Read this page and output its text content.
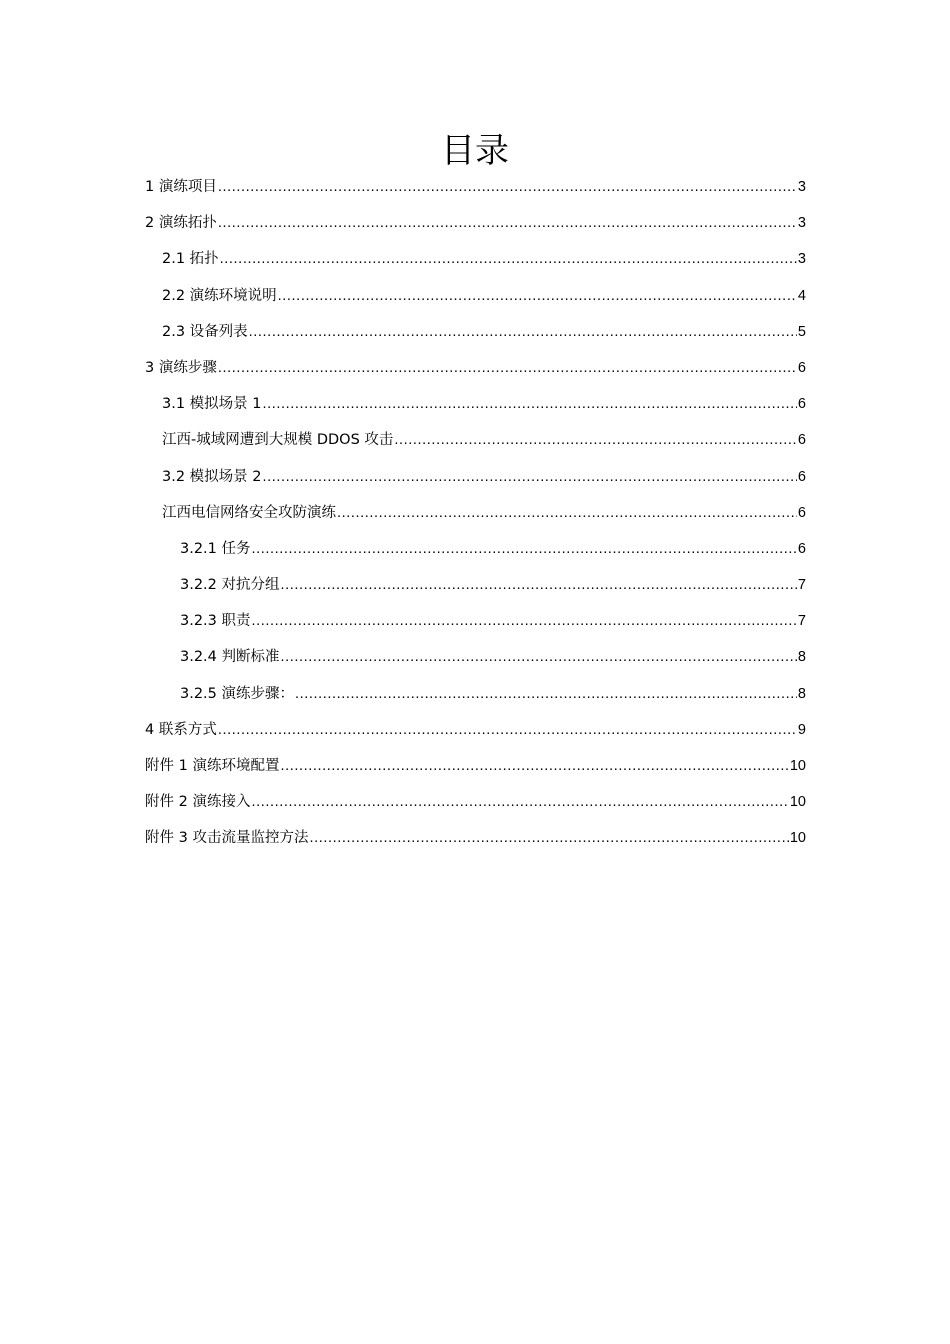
目录
1 演练项目 .....	3
2 演练拓扑 .....	3
2.1 拓扑 .....	3
2.2 演练环境说明 .....	4
2.3 设备列表 .....	5
3 演练步骤 .....	6
3.1 模拟场景 1 .....	6
江西-城域网遭到大规模 DDOS 攻击 .....	6
3.2 模拟场景 2 .....	6
江西电信网络安全攻防演练 .....	6
3.2.1 任务 .....	6
3.2.2 对抗分组 .....	7
3.2.3 职责 .....	7
3.2.4 判断标准 .....	8
3.2.5 演练步骤： .....	8
4 联系方式 .....	9
附件 1 演练环境配置 .....	10
附件 2 演练接入 .....	10
附件 3 攻击流量监控方法 .....	10
